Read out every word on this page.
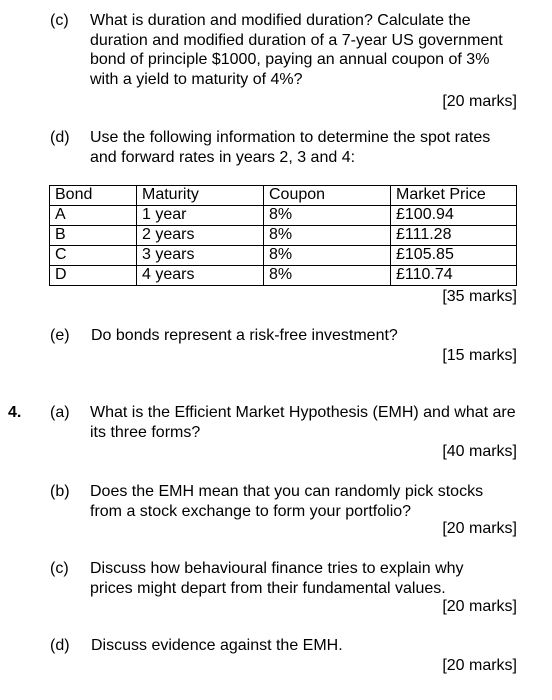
(c) What is duration and modified duration? Calculate the duration and modified duration of a 7-year US government bond of principle $1000, paying an annual coupon of 3% with a yield to maturity of 4%?
[20 marks]
(d) Use the following information to determine the spot rates and forward rates in years 2, 3 and 4:
Bond	Maturity	Coupon	Market Price
A	1 year	8%	£100.94
B	2 years	8%	£111.28
C	3 years	8%	£105.85
D	4 years	8%	£110.74
[35 marks]
(e) Do bonds represent a risk-free investment?
[15 marks]
4. (a) What is the Efficient Market Hypothesis (EMH) and what are its three forms?
[40 marks]
(b) Does the EMH mean that you can randomly pick stocks from a stock exchange to form your portfolio?
[20 marks]
(c) Discuss how behavioural finance tries to explain why prices might depart from their fundamental values.
[20 marks]
(d) Discuss evidence against the EMH.
[20 marks]
